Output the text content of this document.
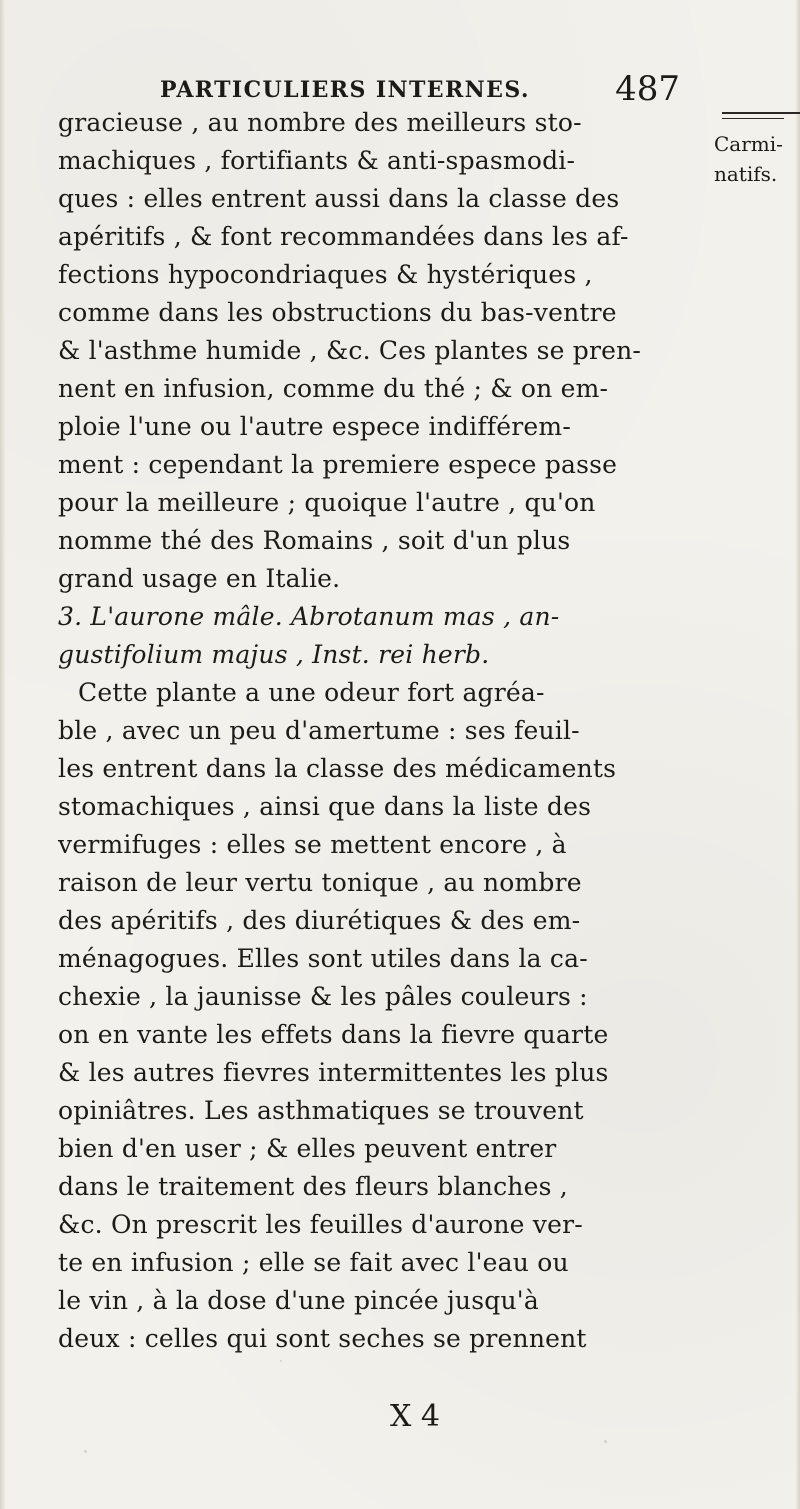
PARTICULIERS INTERNES.	487
Carmi-
natifs.
gracieuse , au nombre des meilleurs sto-
machiques , fortifiants & anti-spasmodi-
ques : elles entrent aussi dans la classe des
apéritifs , & font recommandées dans les af-
fections hypocondriaques & hystériques ,
comme dans les obstructions du bas-ventre
& l'asthme humide , &c. Ces plantes se pren-
nent en infusion, comme du thé ; & on em-
ploie l'une ou l'autre espece indifférem-
ment : cependant la premiere espece passe
pour la meilleure ; quoique l'autre , qu'on
nomme thé des Romains , soit d'un plus
grand usage en Italie.
3. L'aurone mâle. Abrotanum mas , an-
gustifolium majus , Inst. rei herb.
Cette plante a une odeur fort agréa-
ble , avec un peu d'amertume : ses feuil-
les entrent dans la classe des médicaments
stomachiques , ainsi que dans la liste des
vermifuges : elles se mettent encore , à
raison de leur vertu tonique , au nombre
des apéritifs , des diurétiques & des em-
ménagogues. Elles sont utiles dans la ca-
chexie , la jaunisse & les pâles couleurs :
on en vante les effets dans la fievre quarte
& les autres fievres intermittentes les plus
opiniâtres. Les asthmatiques se trouvent
bien d'en user ; & elles peuvent entrer
dans le traitement des fleurs blanches ,
&c. On prescrit les feuilles d'aurone ver-
te en infusion ; elle se fait avec l'eau ou
le vin , à la dose d'une pincée jusqu'à
deux : celles qui sont seches se prennent
X 4
